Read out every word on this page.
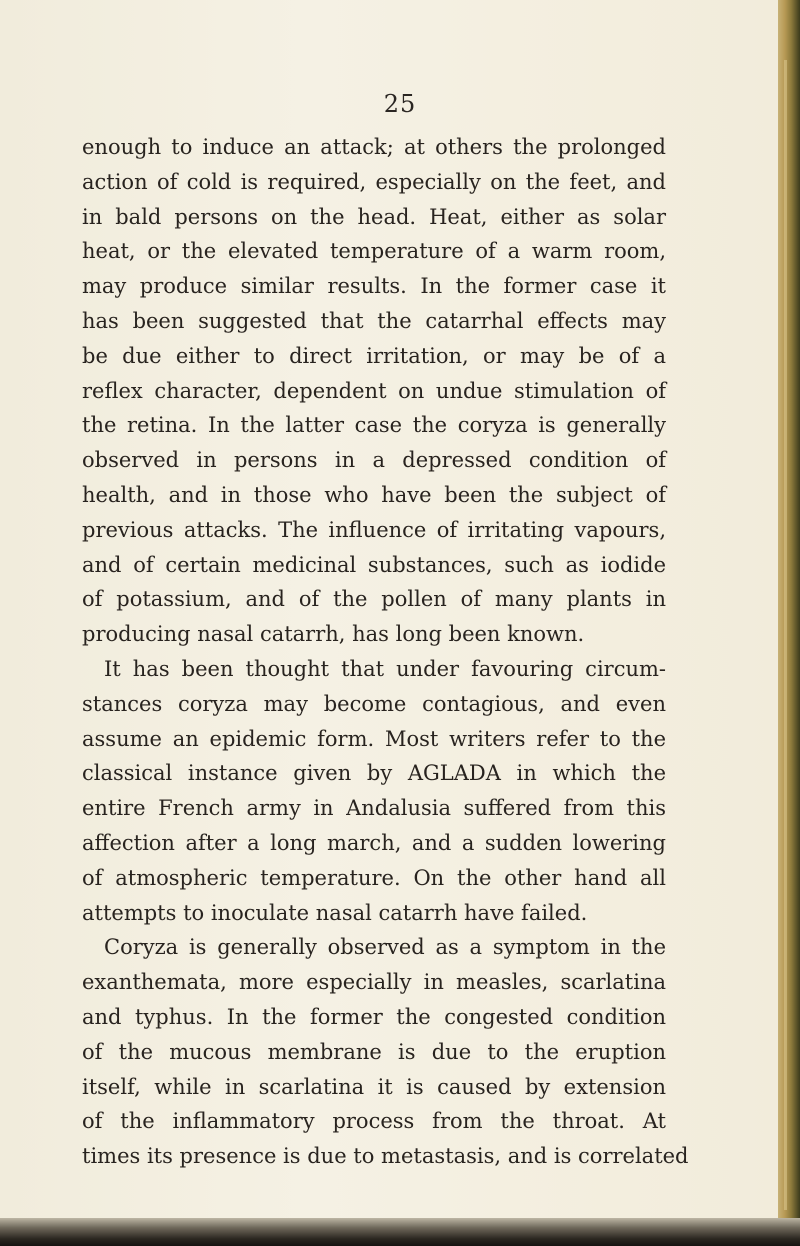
25
enough to induce an attack; at others the prolonged
action of cold is required, especially on the feet, and
in bald persons on the head. Heat, either as solar
heat, or the elevated temperature of a warm room,
may produce similar results. In the former case it
has been suggested that the catarrhal effects may
be due either to direct irritation, or may be of a
reflex character, dependent on undue stimulation of
the retina. In the latter case the coryza is generally
observed in persons in a depressed condition of
health, and in those who have been the subject of
previous attacks. The influence of irritating vapours,
and of certain medicinal substances, such as iodide
of potassium, and of the pollen of many plants in
producing nasal catarrh, has long been known.
It has been thought that under favouring circum-
stances coryza may become contagious, and even
assume an epidemic form. Most writers refer to the
classical instance given by AGLADA in which the
entire French army in Andalusia suffered from this
affection after a long march, and a sudden lowering
of atmospheric temperature. On the other hand all
attempts to inoculate nasal catarrh have failed.
Coryza is generally observed as a symptom in the
exanthemata, more especially in measles, scarlatina
and typhus. In the former the congested condition
of the mucous membrane is due to the eruption
itself, while in scarlatina it is caused by extension
of the inflammatory process from the throat. At
times its presence is due to metastasis, and is correlated
